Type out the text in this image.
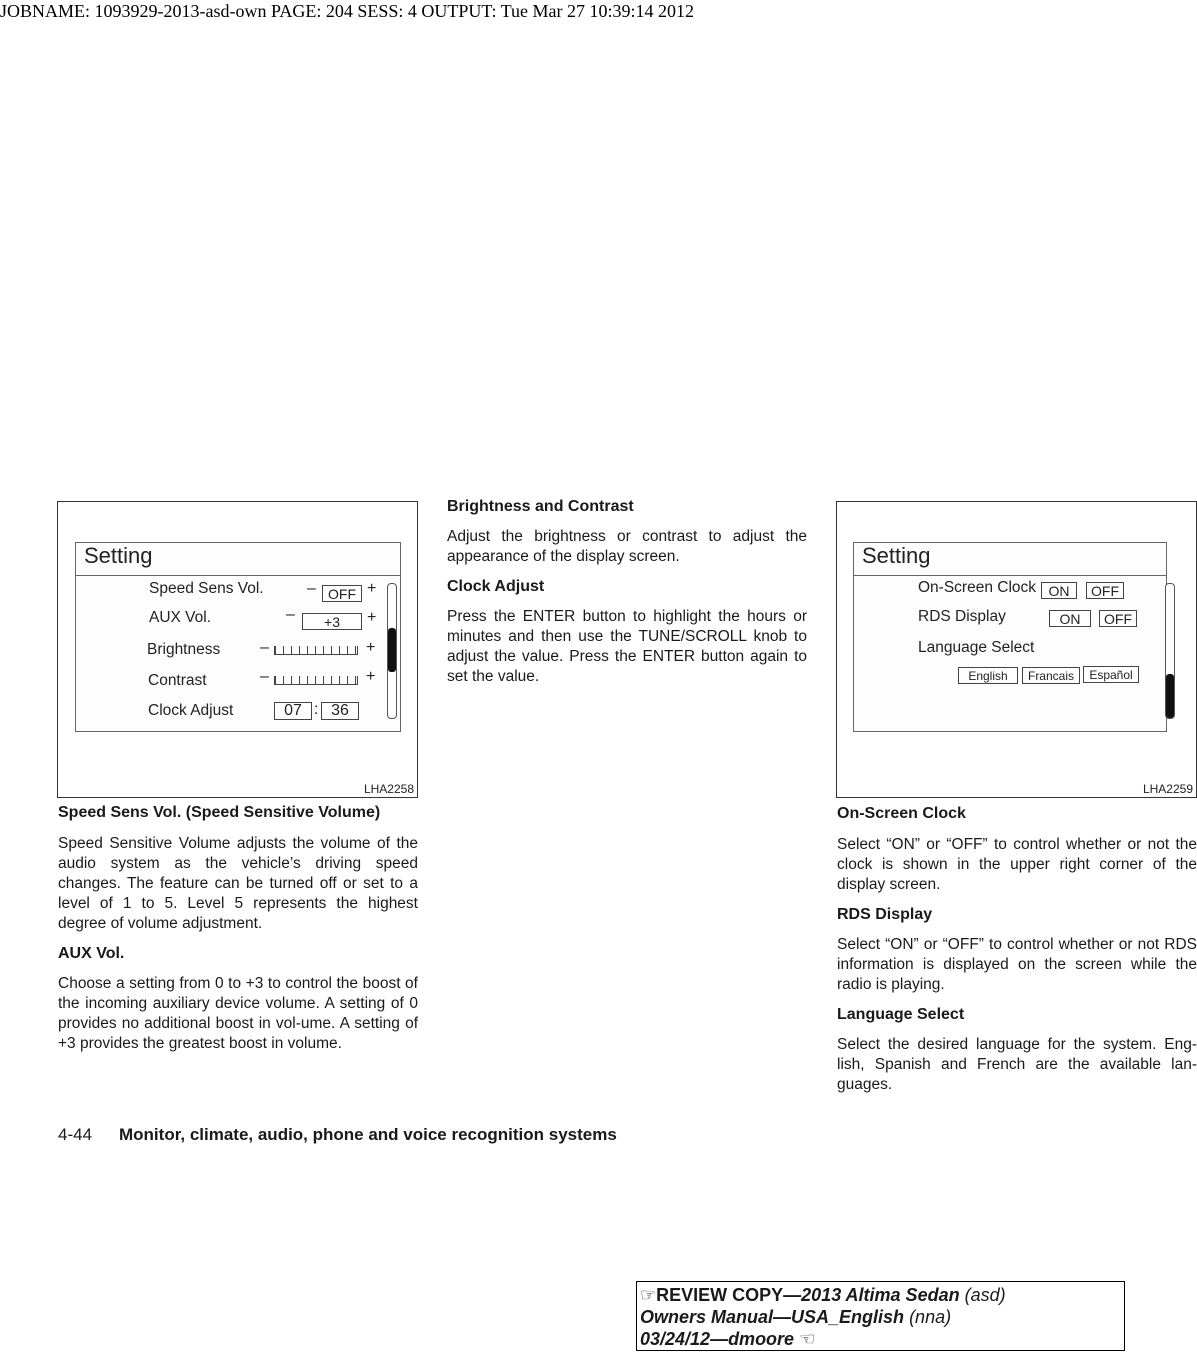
JOBNAME: 1093929-2013-asd-own PAGE: 204 SESS: 4 OUTPUT: Tue Mar 27 10:39:14 2012
Setting
Speed Sens Vol.	– OFF +
AUX Vol.	–	+3	+
Brightness –	+
Contrast	–	+
Clock Adjust	07 : 36
LHA2258
Setting
On-Screen Clock ON	OFF
RDS Display	ON	OFF
Language Select
English	Francais	Español
LHA2259

Speed Sens Vol. (Speed Sensitive Volume)

Speed Sensitive Volume adjusts the volume of the audio system as the vehicle’s driving speed changes. The feature can be turned off or set to a level of 1 to 5. Level 5 represents the highest degree of volume adjustment.

AUX Vol.

Choose a setting from 0 to +3 to control the boost of the incoming auxiliary device volume. A setting of 0 provides no additional boost in vol-ume. A setting of +3 provides the greatest boost in volume.

Brightness and Contrast

Adjust the brightness or contrast to adjust the appearance of the display screen.

Clock Adjust

Press the ENTER button to highlight the hours or minutes and then use the TUNE/SCROLL knob to adjust the value. Press the ENTER button again to set the value.

On-Screen Clock

Select “ON” or “OFF” to control whether or not the clock is shown in the upper right corner of the display screen.

RDS Display

Select “ON” or “OFF” to control whether or not RDS information is displayed on the screen while the radio is playing.

Language Select

Select the desired language for the system. Eng-lish, Spanish and French are the available lan-guages.

4-44 Monitor, climate, audio, phone and voice recognition systems
☞REVIEW COPY—2013 Altima Sedan (asd)
Owners Manual—USA_English (nna)
03/24/12—dmoore ☜
